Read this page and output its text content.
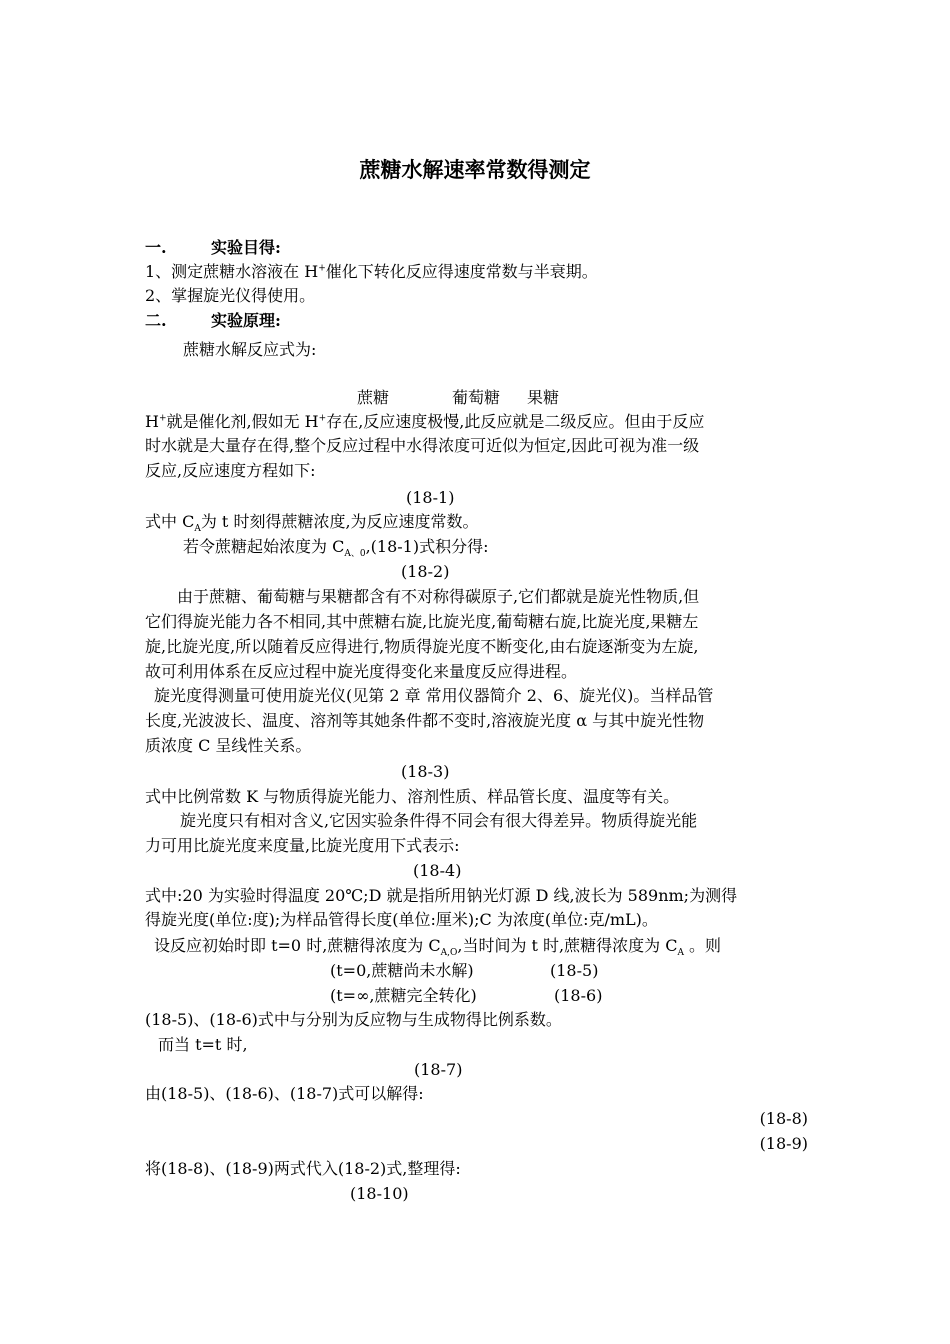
蔗糖水解速率常数得测定
一.	实验目得:
1、测定蔗糖水溶液在 H+催化下转化反应得速度常数与半衰期。
2、掌握旋光仪得使用。
二.	实验原理:
蔗糖水解反应式为:
蔗糖	葡萄糖 果糖
H+就是催化剂,假如无 H+存在,反应速度极慢,此反应就是二级反应。但由于反应
时水就是大量存在得,整个反应过程中水得浓度可近似为恒定,因此可视为准一级
反应,反应速度方程如下:
(18-1)
式中 $C_A$为 t 时刻得蔗糖浓度,为反应速度常数。
若令蔗糖起始浓度为 $C_{A、0},(18-1)$式积分得:
(18-2)
由于蔗糖、葡萄糖与果糖都含有不对称得碳原子,它们都就是旋光性物质,但
它们得旋光能力各不相同,其中蔗糖右旋,比旋光度,葡萄糖右旋,比旋光度,果糖左
旋,比旋光度,所以随着反应得进行,物质得旋光度不断变化,由右旋逐渐变为左旋,
故可利用体系在反应过程中旋光度得变化来量度反应得进程。
旋光度得测量可使用旋光仪(见第 2 章 常用仪器简介 2、6、旋光仪)。当样品管
长度,光波波长、温度、溶剂等其她条件都不变时,溶液旋光度 α 与其中旋光性物
质浓度 C 呈线性关系。
(18-3)
式中比例常数 K 与物质得旋光能力、溶剂性质、样品管长度、温度等有关。
旋光度只有相对含义,它因实验条件得不同会有很大得差异。物质得旋光能
力可用比旋光度来度量,比旋光度用下式表示:
(18-4)
式中:20 为实验时得温度 20℃;D 就是指所用钠光灯源 D 线,波长为 589nm;为测得
得旋光度(单位:度);为样品管得长度(单位:厘米);C 为浓度(单位:克/mL)。
设反应初始时即 t=0 时,蔗糖得浓度为 $C_{A,O}$,当时间为 t 时,蔗糖得浓度为 $C_A$ 。则
(t=0,蔗糖尚未水解)	(18-5)
(t=∞,蔗糖完全转化)	(18-6)
(18-5)、(18-6)式中与分别为反应物与生成物得比例系数。
而当 t=t 时,
(18-7)
由(18-5)、(18-6)、(18-7)式可以解得:
(18-8)
(18-9)
将(18-8)、(18-9)两式代入(18-2)式,整理得:
(18-10)
